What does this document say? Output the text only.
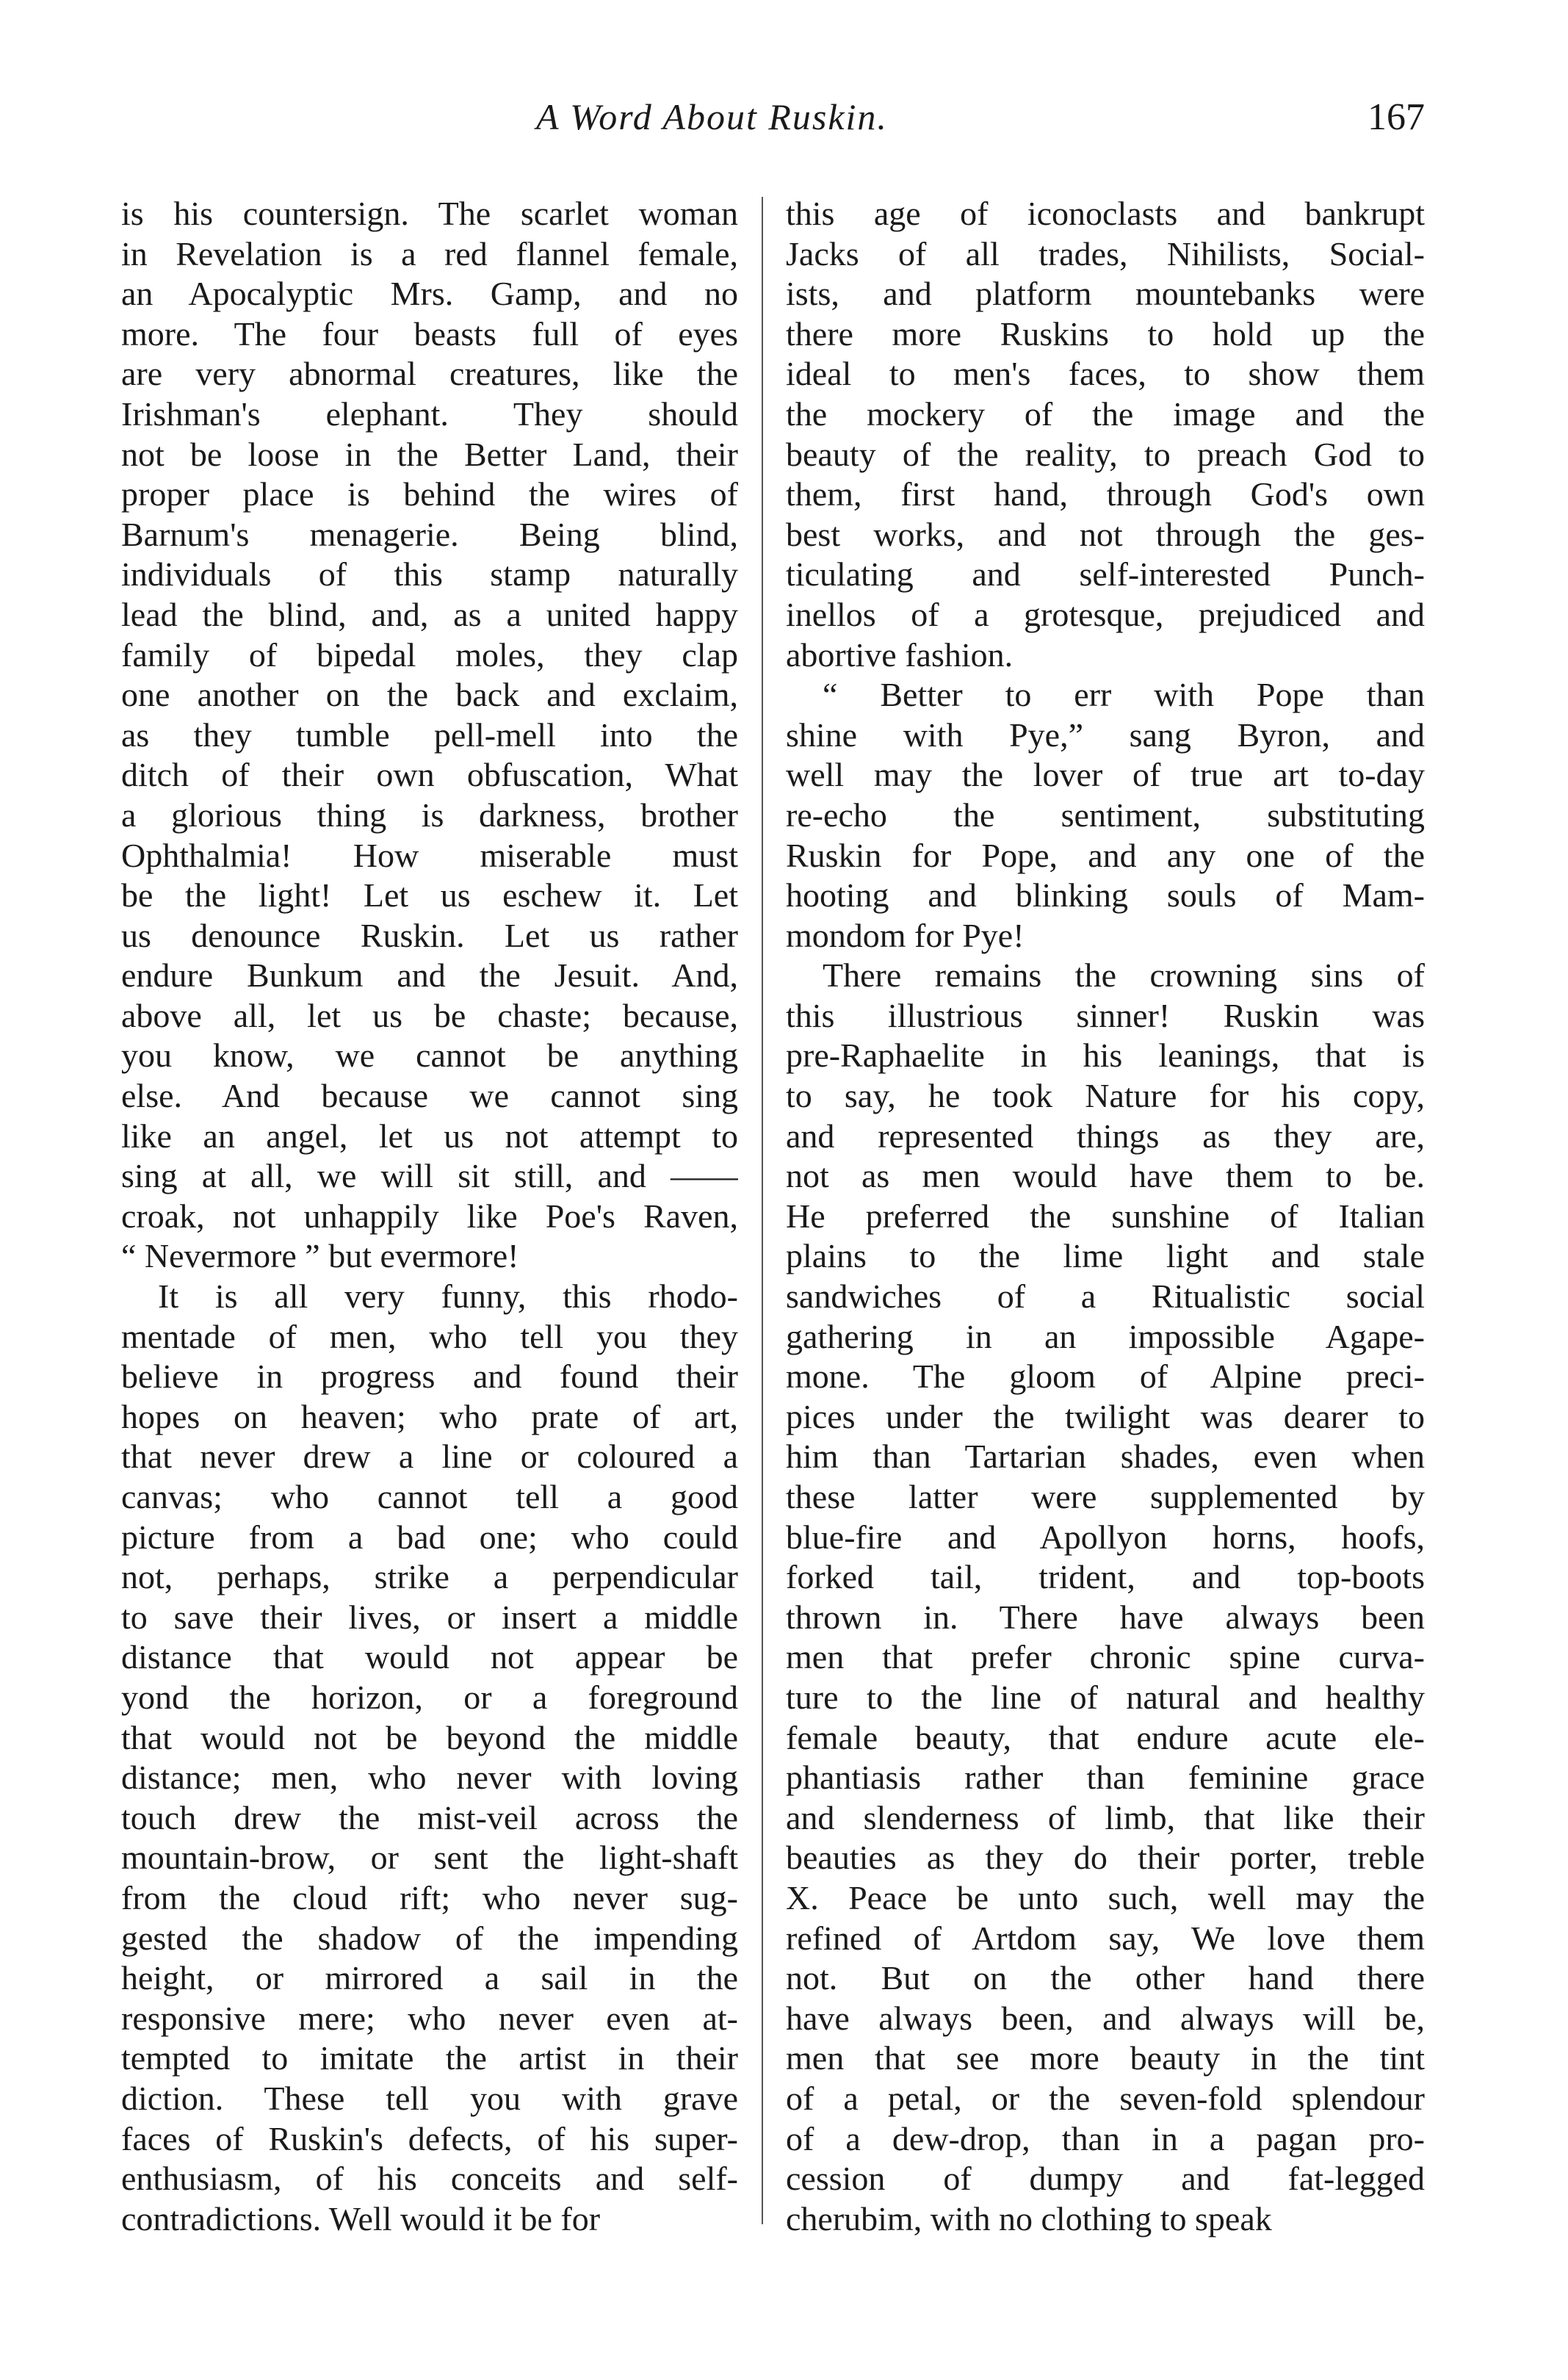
A Word About Ruskin.	167
is his countersign. The scarlet woman
in Revelation is a red flannel female,
an Apocalyptic Mrs. Gamp, and no
more. The four beasts full of eyes
are very abnormal creatures, like the
Irishman's elephant. They should
not be loose in the Better Land, their
proper place is behind the wires of
Barnum's menagerie. Being blind,
individuals of this stamp naturally
lead the blind, and, as a united happy
family of bipedal moles, they clap
one another on the back and exclaim,
as they tumble pell-mell into the
ditch of their own obfuscation, What
a glorious thing is darkness, brother
Ophthalmia! How miserable must
be the light! Let us eschew it. Let
us denounce Ruskin. Let us rather
endure Bunkum and the Jesuit. And,
above all, let us be chaste; because,
you know, we cannot be anything
else. And because we cannot sing
like an angel, let us not attempt to
sing at all, we will sit still, and ——
croak, not unhappily like Poe's Raven,
“ Nevermore ” but evermore!
It is all very funny, this rhodo-
mentade of men, who tell you they
believe in progress and found their
hopes on heaven; who prate of art,
that never drew a line or coloured a
canvas; who cannot tell a good
picture from a bad one; who could
not, perhaps, strike a perpendicular
to save their lives, or insert a middle
distance that would not appear be
yond the horizon, or a foreground
that would not be beyond the middle
distance; men, who never with loving
touch drew the mist-veil across the
mountain-brow, or sent the light-shaft
from the cloud rift; who never sug-
gested the shadow of the impending
height, or mirrored a sail in the
responsive mere; who never even at-
tempted to imitate the artist in their
diction. These tell you with grave
faces of Ruskin's defects, of his super-
enthusiasm, of his conceits and self-
contradictions. Well would it be for
this age of iconoclasts and bankrupt
Jacks of all trades, Nihilists, Social-
ists, and platform mountebanks were
there more Ruskins to hold up the
ideal to men's faces, to show them
the mockery of the image and the
beauty of the reality, to preach God to
them, first hand, through God's own
best works, and not through the ges-
ticulating and self-interested Punch-
inellos of a grotesque, prejudiced and
abortive fashion.
“ Better to err with Pope than
shine with Pye,” sang Byron, and
well may the lover of true art to-day
re-echo the sentiment, substituting
Ruskin for Pope, and any one of the
hooting and blinking souls of Mam-
mondom for Pye!
There remains the crowning sins of
this illustrious sinner! Ruskin was
pre-Raphaelite in his leanings, that is
to say, he took Nature for his copy,
and represented things as they are,
not as men would have them to be.
He preferred the sunshine of Italian
plains to the lime light and stale
sandwiches of a Ritualistic social
gathering in an impossible Agape-
mone. The gloom of Alpine preci-
pices under the twilight was dearer to
him than Tartarian shades, even when
these latter were supplemented by
blue-fire and Apollyon horns, hoofs,
forked tail, trident, and top-boots
thrown in. There have always been
men that prefer chronic spine curva-
ture to the line of natural and healthy
female beauty, that endure acute ele-
phantiasis rather than feminine grace
and slenderness of limb, that like their
beauties as they do their porter, treble
X. Peace be unto such, well may the
refined of Artdom say, We love them
not. But on the other hand there
have always been, and always will be,
men that see more beauty in the tint
of a petal, or the seven-fold splendour
of a dew-drop, than in a pagan pro-
cession of dumpy and fat-legged
cherubim, with no clothing to speak
